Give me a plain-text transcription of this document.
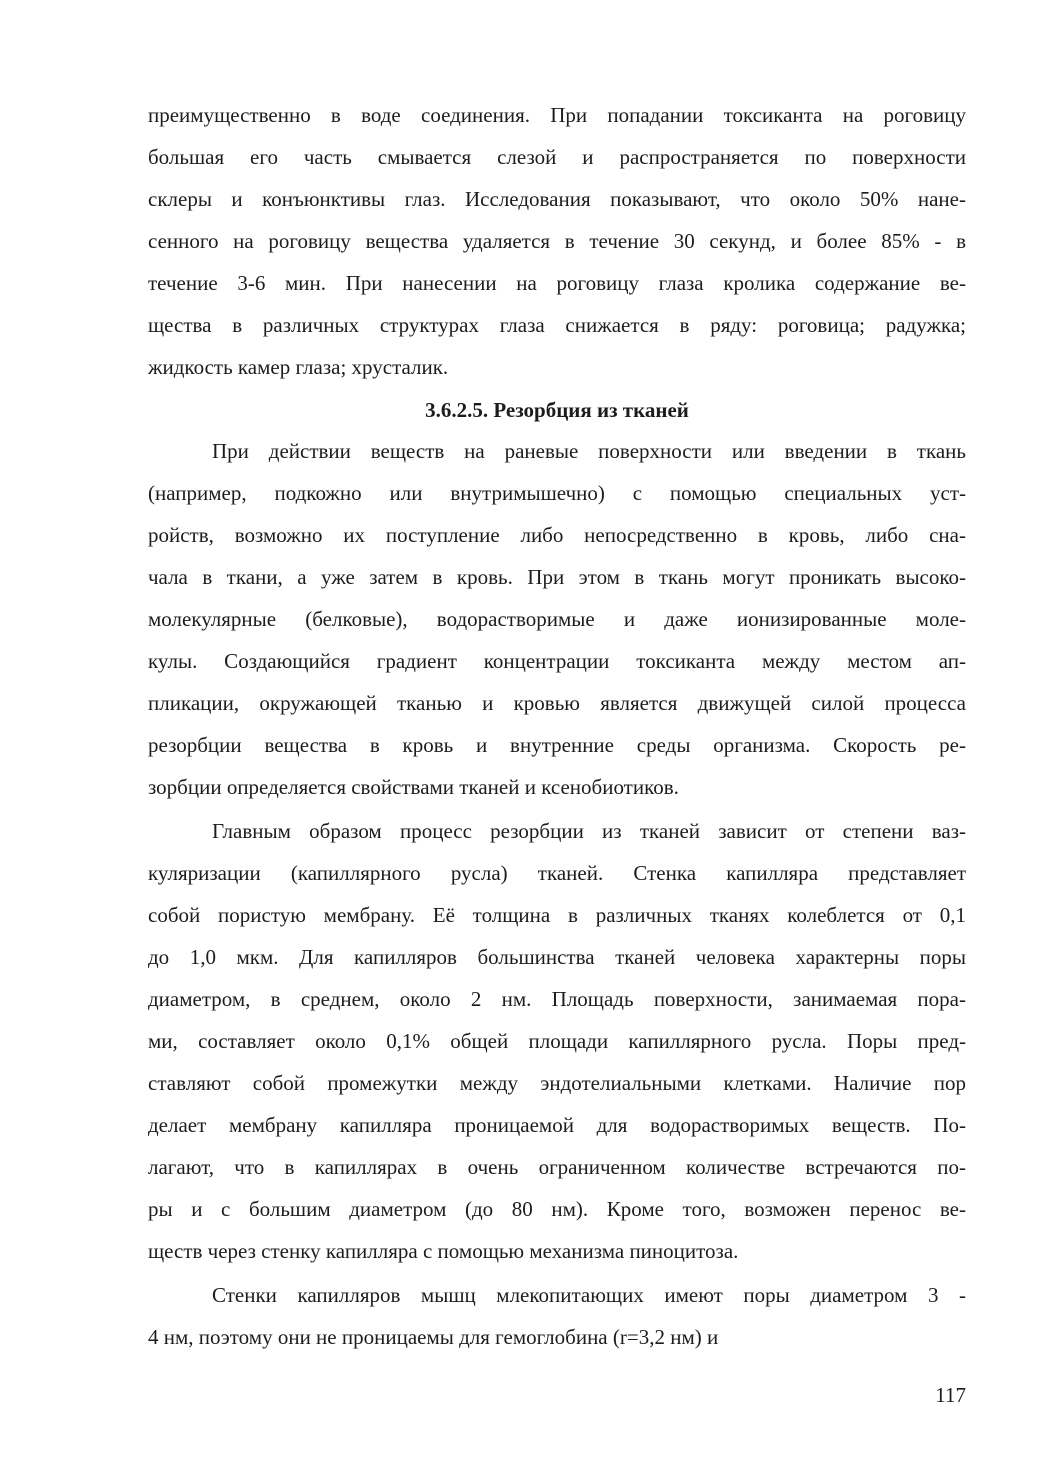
преимущественно в воде соединения. При попадании токсиканта на роговицу
большая его часть смывается слезой и распространяется по поверхности
склеры и конъюнктивы глаз. Исследования показывают, что около 50% нане-
сенного на роговицу вещества удаляется в течение 30 секунд, и более 85% - в
течение 3-6 мин. При нанесении на роговицу глаза кролика содержание ве-
щества в различных структурах глаза снижается в ряду: роговица; радужка;
жидкость камер глаза; хрусталик.
3.6.2.5. Резорбция из тканей
При действии веществ на раневые поверхности или введении в ткань
(например, подкожно или внутримышечно) с помощью специальных уст-
ройств, возможно их поступление либо непосредственно в кровь, либо сна-
чала в ткани, а уже затем в кровь. При этом в ткань могут проникать высоко-
молекулярные (белковые), водорастворимые и даже ионизированные моле-
кулы. Создающийся градиент концентрации токсиканта между местом ап-
пликации, окружающей тканью и кровью является движущей силой процесса
резорбции вещества в кровь и внутренние среды организма. Скорость ре-
зорбции определяется свойствами тканей и ксенобиотиков.
Главным образом процесс резорбции из тканей зависит от степени ваз-
куляризации (капиллярного русла) тканей. Стенка капилляра представляет
собой пористую мембрану. Её толщина в различных тканях колеблется от 0,1
до 1,0 мкм. Для капилляров большинства тканей человека характерны поры
диаметром, в среднем, около 2 нм. Площадь поверхности, занимаемая пора-
ми, составляет около 0,1% общей площади капиллярного русла. Поры пред-
ставляют собой промежутки между эндотелиальными клетками. Наличие пор
делает мембрану капилляра проницаемой для водорастворимых веществ. По-
лагают, что в капиллярах в очень ограниченном количестве встречаются по-
ры и с большим диаметром (до 80 нм). Кроме того, возможен перенос ве-
ществ через стенку капилляра с помощью механизма пиноцитоза.
Стенки капилляров мышц млекопитающих имеют поры диаметром 3 -
4 нм, поэтому они не проницаемы для гемоглобина (r=3,2 нм) и
117
